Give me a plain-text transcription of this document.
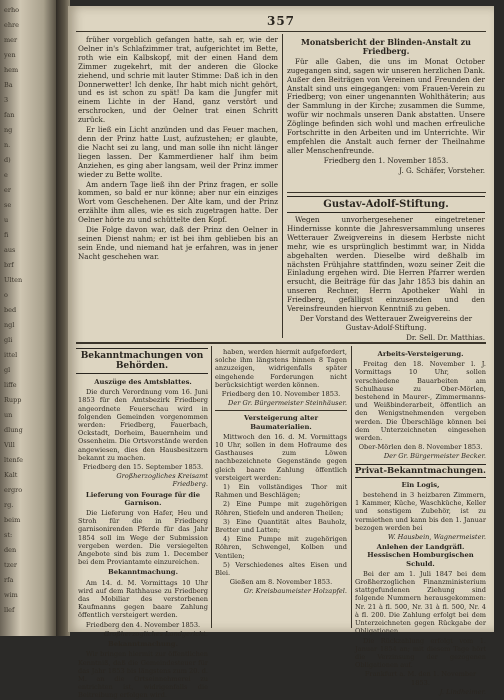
erho
ehre
mer
yen
hem
Ba
3
fan
ng
n.
d)
e
er
se
u
fi
aus
brf
Ulten
o
bed
ngl
gli
ittel
gl
liffe
Rupp
un
dlung
Vill
ltenfe
Kalt
ergro
rg.
beim
st:
den
tzer
rfa
wim
llef
357

früher vorgeblich gefangen hatte, sah er, wie der Oelner in's Schlafzimmer trat, aufgerichtet im Bette, roth wie ein Kalbskopf, mit der einen Hand dem Zimmer zugekehrt, mit der anderen die Glocke ziehend, und schrie mit lauter Stimme: Daß ich in den Donnerwetter! Ich denke, Ihr habt mich nicht gehört, und es ist schon zu spät! Da kam die Jungfer mit einem Lichte in der Hand, ganz verstört und erschrocken, und der Oelner trat einen Schritt zurück.

Er ließ ein Licht anzünden und das Feuer machen, denn der Prinz hatte Lust, aufzustehen; er glaubte, die Nacht sei zu lang, und man solle ihn nicht länger liegen lassen. Der Kammerdiener half ihm beim Anziehen, es ging aber langsam, weil der Prinz immer wieder zu Bette wollte.

Am andern Tage ließ ihn der Prinz fragen, er solle kommen, so bald er nur könne; aber nur ein einziges Wort vom Geschehenen. Der Alte kam, und der Prinz erzählte ihm alles, wie es sich zugetragen hatte. Der Oelner hörte zu und schüttelte den Kopf.

Die Folge davon war, daß der Prinz den Oelner in seinen Dienst nahm; er ist bei ihm geblieben bis an sein Ende, und niemand hat je erfahren, was in jener Nacht geschehen war.

Monatsbericht der Blinden-Anstalt zu Friedberg.

Für alle Gaben, die uns im Monat October zugegangen sind, sagen wir unseren herzlichen Dank. Außer den Beiträgen von Vereinen und Freunden der Anstalt sind uns eingegangen: vom Frauen-Verein zu Friedberg; von einer ungenannten Wohlthäterin; aus der Sammlung in der Kirche; zusammen die Summe, wofür wir nochmals unseren Dank abstatten. Unsere Zöglinge befinden sich wohl und machen erfreuliche Fortschritte in den Arbeiten und im Unterrichte. Wir empfehlen die Anstalt auch ferner der Theilnahme aller Menschenfreunde.

Friedberg den 1. November 1853.

J. G. Schäfer, Vorsteher.

Gustav-Adolf-Stiftung.

Wegen unvorhergesehener eingetretener Hindernisse konnte die Jahresversammlung unseres Wetterauer Zweigvereins in diesem Herbste nicht mehr, wie es ursprünglich bestimmt war, in Nidda abgehalten werden. Dieselbe wird deßhalb im nächsten Frühjahre stattfinden, wozu seiner Zeit die Einladung ergehen wird. Die Herren Pfarrer werden ersucht, die Beiträge für das Jahr 1853 bis dahin an unseren Rechner, Herrn Apotheker Wahl in Friedberg, gefälligst einzusenden und den Vereinsfreunden hiervon Kenntniß zu geben.

Der Vorstand des Wetterauer Zweigvereins der Gustav-Adolf-Stiftung.

Dr. Sell. Dr. Matthias.

Bekanntmachungen von Behörden.
Auszüge des Amtsblattes.

Die durch Verordnung vom 16. Juni 1853 für den Amtsbezirk Friedberg angeordnete Feuerschau wird in folgenden Gemeinden vorgenommen werden: Friedberg, Fauerbach, Ockstadt, Dorheim, Bauernheim und Ossenheim. Die Ortsvorstände werden angewiesen, dies den Hausbesitzern bekannt zu machen.

Friedberg den 15. September 1853.

Großherzogliches Kreisamt Friedberg.

Lieferung von Fourage für die Garnison.

Die Lieferung von Hafer, Heu und Stroh für die in Friedberg garnisonirenden Pferde für das Jahr 1854 soll im Wege der Submission vergeben werden. Die versiegelten Angebote sind bis zum 1. December bei dem Proviantamte einzureichen.

Bekanntmachung.

Am 14. d. M. Vormittags 10 Uhr wird auf dem Rathhause zu Friedberg das Mobiliar des verstorbenen Kaufmanns gegen baare Zahlung öffentlich versteigert werden.

Friedberg den 4. November 1853.

Großherzogliches Landgericht.

Bekanntmachung.

Wir bringen hiermit zur öffentlichen Kenntniß, daß die Gemeindesteuer für das Jahr 1853 bis längstens zum 20. d. M. an die Ortseinnehmerei zu entrichten ist, widrigenfalls die Beitreibung erfolgen wird.

haben, werden hiermit aufgefordert, solche ihm längstens binnen 8 Tagen anzuzeigen, widrigenfalls später eingehende Forderungen nicht berücksichtigt werden können.

Friedberg den 10. November 1853.

Der Gr. Bürgermeister Steinhäuser.

Versteigerung alter Baumaterialien.

Mittwoch den 16. d. M. Vormittags 10 Uhr, sollen in dem Hofraume des Gasthauses zum Löwen nachbezeichnete Gegenstände gegen gleich baare Zahlung öffentlich versteigert werden:

1) Ein vollständiges Thor mit Rahmen und Beschlägen;

2) Eine Pumpe mit zugehörigen Röhren, Stiefeln und anderen Theilen;

3) Eine Quantität altes Bauholz, Bretter und Latten;

4) Eine Pumpe mit zugehörigen Röhren, Schwengel, Kolben und Ventilen;

5) Verschiedenes altes Eisen und Blei.

Gießen am 8. November 1853.

Gr. Kreisbaumeister Holzapfel.

Arbeits-Versteigerung.

Freitag den 18. November l. J. Vormittags 10 Uhr, sollen verschiedene Bauarbeiten am Schulhause zu Ober-Mörlen, bestehend in Maurer-, Zimmermanns- und Weißbinderarbeit, öffentlich an den Wenigstnehmenden vergeben werden. Die Überschläge können bei dem Unterzeichneten eingesehen werden.

Ober-Mörlen den 8. November 1853.

Der Gr. Bürgermeister Becker.

Privat-Bekanntmachungen.
Ein Logis,

bestehend in 3 heizbaren Zimmern, 1 Kammer, Küche, Waschküche, Keller und sonstigem Zubehör, ist zu vermiethen und kann bis den 1. Januar bezogen werden bei

W. Hausbein, Wagnermeister.

Anlehen der Landgräfl. Hessischen Homburgischen Schuld.

Bei der am 1. Juli 1847 bei dem Großherzoglichen Finanzministerium stattgefundenen Ziehung sind folgende Nummern herausgekommen: Nr. 21 à fl. 500, Nr. 31 à fl. 500, Nr. 4 à fl. 200. Die Zahlung erfolgt bei dem Unterzeichneten gegen Rückgabe der Obligationen.

Die Rückzahlung erfolgt vom 1. Januar 1854 an; mit diesem Tage hört die Verzinsung der gezogenen Obligationen auf.

Frankfurt a. M. den 1. November 1853.

J. Lindheimer.
